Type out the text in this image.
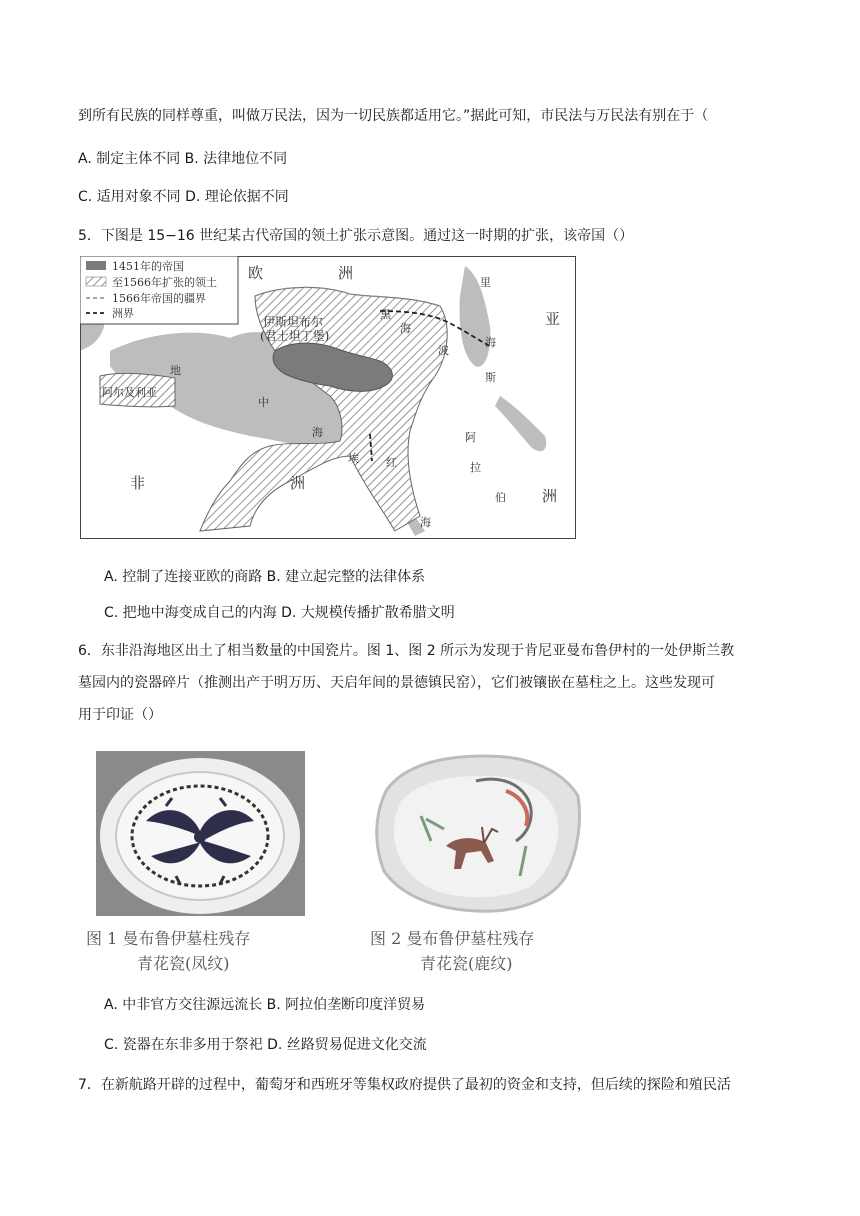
到所有民族的同样尊重，叫做万民法，因为一切民族都适用它。”据此可知，市民法与万民法有别在于（
A. 制定主体不同 B. 法律地位不同
C. 适用对象不同 D. 理论依据不同
5．下图是 15−16 世纪某古代帝国的领土扩张示意图。通过这一时期的扩张，该帝国（）
1451年的帝国
至1566年扩张的领土
1566年帝国的疆界
洲界
欧	洲
伊斯坦布尔
(君士坦丁堡)
黑
海
里
海
亚
地
中
海
阿尔及利亚
埃 红
海
波
斯
阿
拉
伯 洲
非	洲
A. 控制了连接亚欧的商路 B. 建立起完整的法律体系
C. 把地中海变成自己的内海 D. 大规模传播扩散希腊文明
6．东非沿海地区出土了相当数量的中国瓷片。图 1、图 2 所示为发现于肯尼亚曼布鲁伊村的一处伊斯兰教
墓园内的瓷器碎片（推测出产于明万历、天启年间的景德镇民窑），它们被镶嵌在墓柱之上。这些发现可
用于印证（）
图 1 曼布鲁伊墓柱残存
青花瓷(凤纹)
图 2 曼布鲁伊墓柱残存
青花瓷(鹿纹)
A. 中非官方交往源远流长 B. 阿拉伯垄断印度洋贸易
C. 瓷器在东非多用于祭祀 D. 丝路贸易促进文化交流
7．在新航路开辟的过程中，葡萄牙和西班牙等集权政府提供了最初的资金和支持，但后续的探险和殖民活
